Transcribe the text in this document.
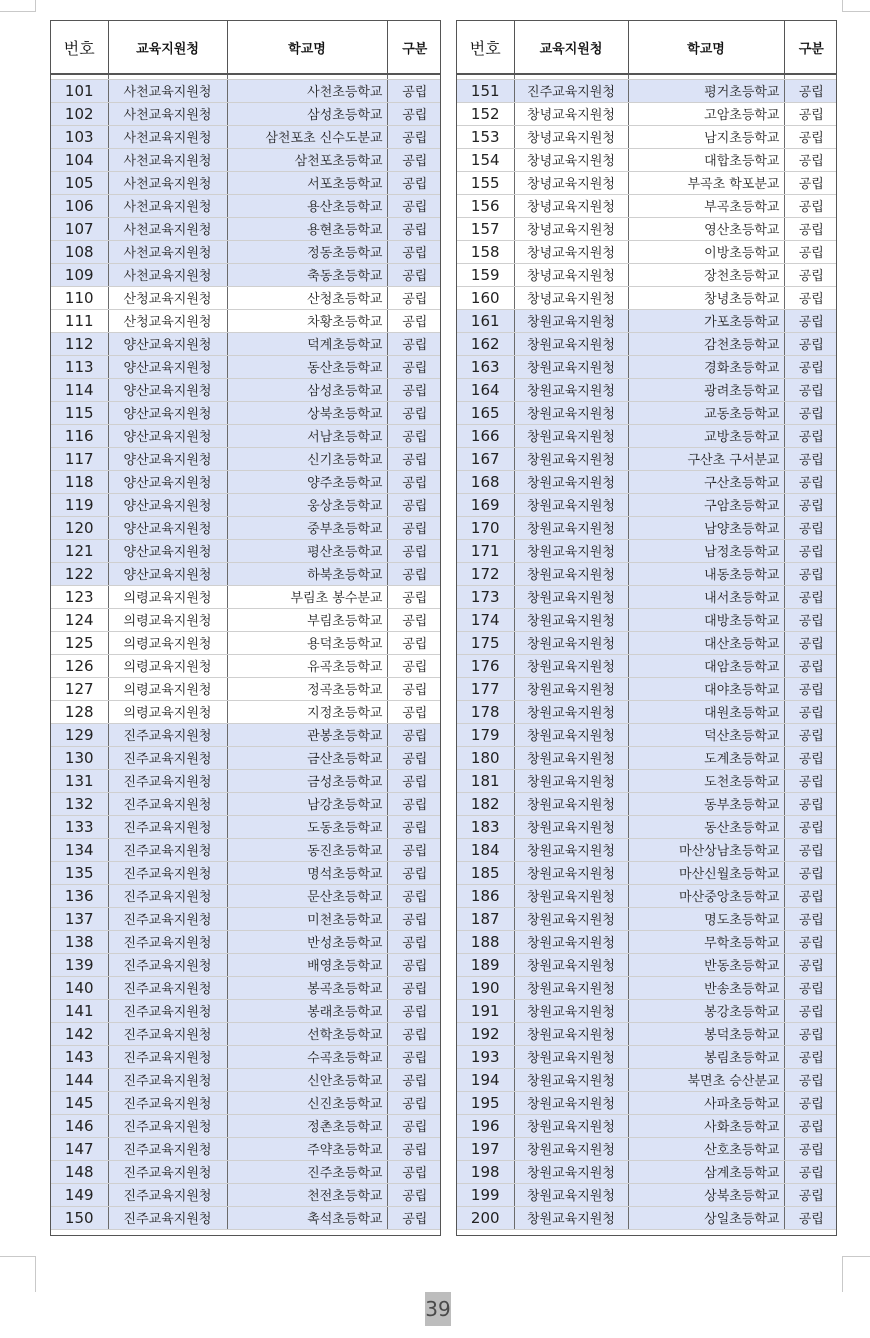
번호	교육지원청	학교명	구분

101	사천교육지원청	사천초등학교	공립
102	사천교육지원청	삼성초등학교	공립
103	사천교육지원청	삼천포초 신수도분교	공립
104	사천교육지원청	삼천포초등학교	공립
105	사천교육지원청	서포초등학교	공립
106	사천교육지원청	용산초등학교	공립
107	사천교육지원청	용현초등학교	공립
108	사천교육지원청	정동초등학교	공립
109	사천교육지원청	축동초등학교	공립
110	산청교육지원청	산청초등학교	공립
111	산청교육지원청	차황초등학교	공립
112	양산교육지원청	덕계초등학교	공립
113	양산교육지원청	동산초등학교	공립
114	양산교육지원청	삼성초등학교	공립
115	양산교육지원청	상북초등학교	공립
116	양산교육지원청	서남초등학교	공립
117	양산교육지원청	신기초등학교	공립
118	양산교육지원청	양주초등학교	공립
119	양산교육지원청	웅상초등학교	공립
120	양산교육지원청	중부초등학교	공립
121	양산교육지원청	평산초등학교	공립
122	양산교육지원청	하북초등학교	공립
123	의령교육지원청	부림초 봉수분교	공립
124	의령교육지원청	부림초등학교	공립
125	의령교육지원청	용덕초등학교	공립
126	의령교육지원청	유곡초등학교	공립
127	의령교육지원청	정곡초등학교	공립
128	의령교육지원청	지정초등학교	공립
129	진주교육지원청	관봉초등학교	공립
130	진주교육지원청	금산초등학교	공립
131	진주교육지원청	금성초등학교	공립
132	진주교육지원청	남강초등학교	공립
133	진주교육지원청	도동초등학교	공립
134	진주교육지원청	동진초등학교	공립
135	진주교육지원청	명석초등학교	공립
136	진주교육지원청	문산초등학교	공립
137	진주교육지원청	미천초등학교	공립
138	진주교육지원청	반성초등학교	공립
139	진주교육지원청	배영초등학교	공립
140	진주교육지원청	봉곡초등학교	공립
141	진주교육지원청	봉래초등학교	공립
142	진주교육지원청	선학초등학교	공립
143	진주교육지원청	수곡초등학교	공립
144	진주교육지원청	신안초등학교	공립
145	진주교육지원청	신진초등학교	공립
146	진주교육지원청	정촌초등학교	공립
147	진주교육지원청	주약초등학교	공립
148	진주교육지원청	진주초등학교	공립
149	진주교육지원청	천전초등학교	공립
150	진주교육지원청	촉석초등학교	공립
번호	교육지원청	학교명	구분

151	진주교육지원청	평거초등학교	공립
152	창녕교육지원청	고암초등학교	공립
153	창녕교육지원청	남지초등학교	공립
154	창녕교육지원청	대합초등학교	공립
155	창녕교육지원청	부곡초 학포분교	공립
156	창녕교육지원청	부곡초등학교	공립
157	창녕교육지원청	영산초등학교	공립
158	창녕교육지원청	이방초등학교	공립
159	창녕교육지원청	장천초등학교	공립
160	창녕교육지원청	창녕초등학교	공립
161	창원교육지원청	가포초등학교	공립
162	창원교육지원청	감천초등학교	공립
163	창원교육지원청	경화초등학교	공립
164	창원교육지원청	광려초등학교	공립
165	창원교육지원청	교동초등학교	공립
166	창원교육지원청	교방초등학교	공립
167	창원교육지원청	구산초 구서분교	공립
168	창원교육지원청	구산초등학교	공립
169	창원교육지원청	구암초등학교	공립
170	창원교육지원청	남양초등학교	공립
171	창원교육지원청	남정초등학교	공립
172	창원교육지원청	내동초등학교	공립
173	창원교육지원청	내서초등학교	공립
174	창원교육지원청	대방초등학교	공립
175	창원교육지원청	대산초등학교	공립
176	창원교육지원청	대암초등학교	공립
177	창원교육지원청	대야초등학교	공립
178	창원교육지원청	대원초등학교	공립
179	창원교육지원청	덕산초등학교	공립
180	창원교육지원청	도계초등학교	공립
181	창원교육지원청	도천초등학교	공립
182	창원교육지원청	동부초등학교	공립
183	창원교육지원청	동산초등학교	공립
184	창원교육지원청	마산상남초등학교	공립
185	창원교육지원청	마산신월초등학교	공립
186	창원교육지원청	마산중앙초등학교	공립
187	창원교육지원청	명도초등학교	공립
188	창원교육지원청	무학초등학교	공립
189	창원교육지원청	반동초등학교	공립
190	창원교육지원청	반송초등학교	공립
191	창원교육지원청	봉강초등학교	공립
192	창원교육지원청	봉덕초등학교	공립
193	창원교육지원청	봉림초등학교	공립
194	창원교육지원청	북면초 승산분교	공립
195	창원교육지원청	사파초등학교	공립
196	창원교육지원청	사화초등학교	공립
197	창원교육지원청	산호초등학교	공립
198	창원교육지원청	삼계초등학교	공립
199	창원교육지원청	상북초등학교	공립
200	창원교육지원청	상일초등학교	공립
39
